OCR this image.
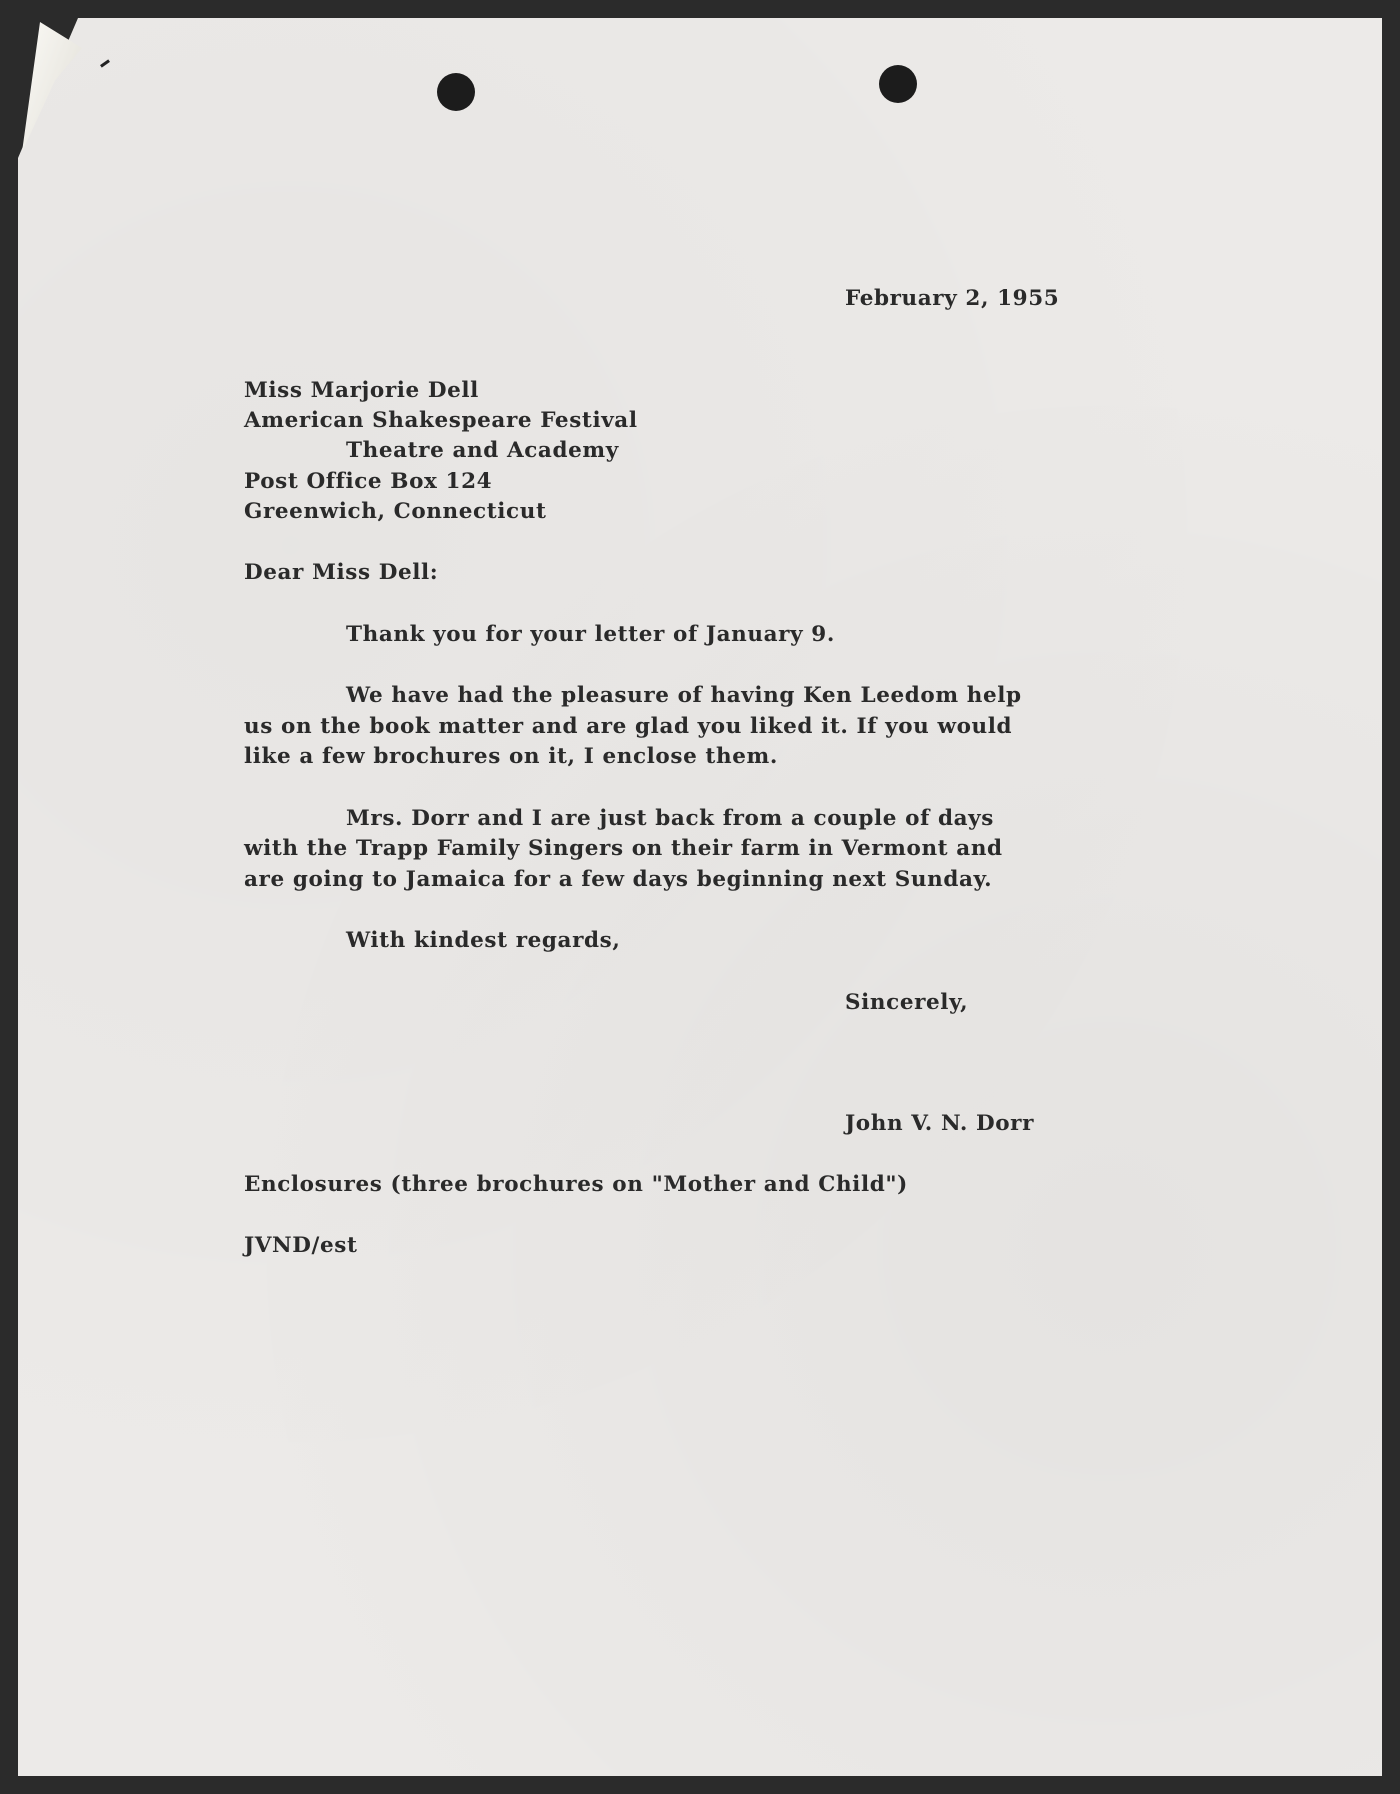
February 2, 1955

Miss Marjorie Dell

American Shakespeare Festival

Theatre and Academy

Post Office Box 124

Greenwich, Connecticut

Dear Miss Dell:

Thank you for your letter of January 9.

We have had the pleasure of having Ken Leedom help

us on the book matter and are glad you liked it. If you would

like a few brochures on it, I enclose them.

Mrs. Dorr and I are just back from a couple of days

with the Trapp Family Singers on their farm in Vermont and

are going to Jamaica for a few days beginning next Sunday.

With kindest regards,

Sincerely,

John V. N. Dorr

Enclosures (three brochures on "Mother and Child")

JVND/est
